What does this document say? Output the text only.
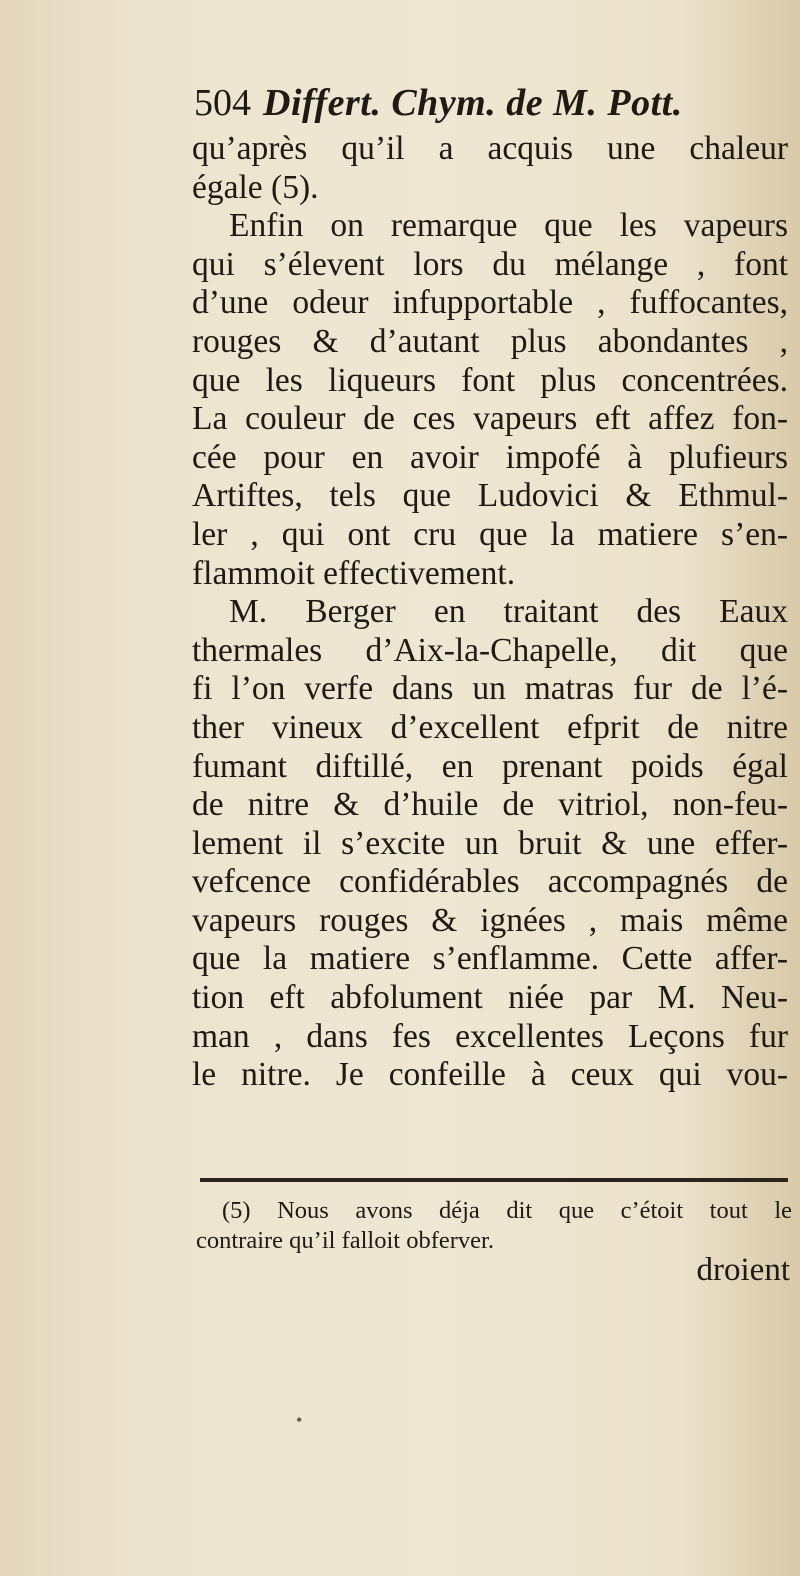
504 Differt. Chym. de M. Pott.
qu’après qu’il a acquis une chaleur
égale (5).
Enfin on remarque que les vapeurs
qui s’élevent lors du mélange , font
d’une odeur infupportable , fuffocantes,
rouges & d’autant plus abondantes ,
que les liqueurs font plus concentrées.
La couleur de ces vapeurs eft affez fon-
cée pour en avoir impofé à plufieurs
Artiftes, tels que Ludovici & Ethmul-
ler , qui ont cru que la matiere s’en-
flammoit effectivement.
M. Berger en traitant des Eaux
thermales d’Aix-la-Chapelle, dit que
fi l’on verfe dans un matras fur de l’é-
ther vineux d’excellent efprit de nitre
fumant diftillé, en prenant poids égal
de nitre & d’huile de vitriol, non-feu-
lement il s’excite un bruit & une effer-
vefcence confidérables accompagnés de
vapeurs rouges & ignées , mais même
que la matiere s’enflamme. Cette affer-
tion eft abfolument niée par M. Neu-
man , dans fes excellentes Leçons fur
le nitre. Je confeille à ceux qui vou-
(5) Nous avons déja dit que c’étoit tout le
contraire qu’il falloit obferver.
droient
•
